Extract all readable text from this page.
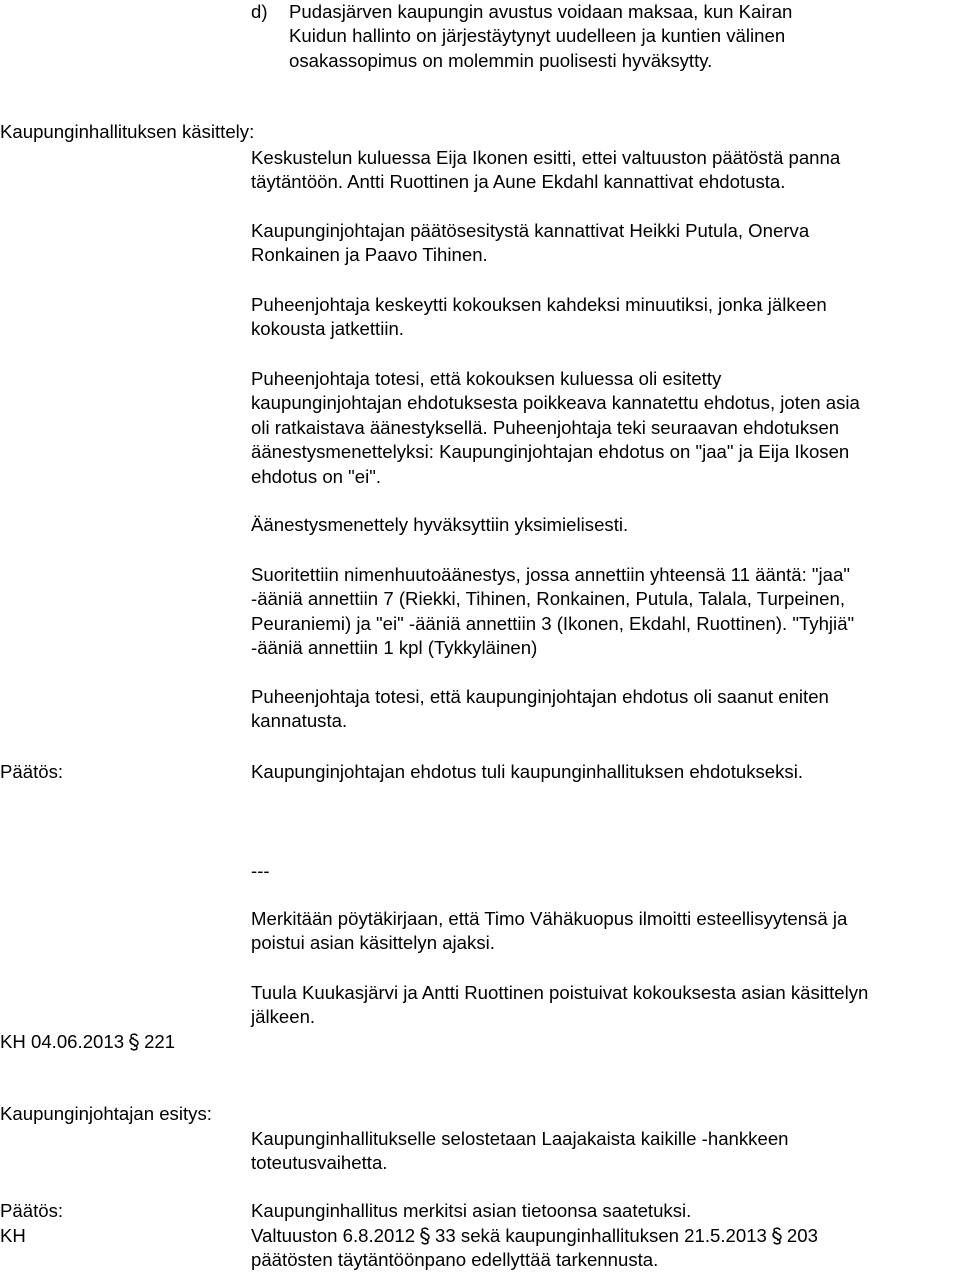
d) Pudasjärven kaupungin avustus voidaan maksaa, kun Kairan
Kuidun hallinto on järjestäytynyt uudelleen ja kuntien välinen
osakassopimus on molemmin puolisesti hyväksytty.
Kaupunginhallituksen käsittely:
Keskustelun kuluessa Eija Ikonen esitti, ettei valtuuston päätöstä panna
täytäntöön. Antti Ruottinen ja Aune Ekdahl kannattivat ehdotusta.
Kaupunginjohtajan päätösesitystä kannattivat Heikki Putula, Onerva
Ronkainen ja Paavo Tihinen.
Puheenjohtaja keskeytti kokouksen kahdeksi minuutiksi, jonka jälkeen
kokousta jatkettiin.
Puheenjohtaja totesi, että kokouksen kuluessa oli esitetty
kaupunginjohtajan ehdotuksesta poikkeava kannatettu ehdotus, joten asia
oli ratkaistava äänestyksellä. Puheenjohtaja teki seuraavan ehdotuksen
äänestysmenettelyksi: Kaupunginjohtajan ehdotus on "jaa" ja Eija Ikosen
ehdotus on "ei".
Äänestysmenettely hyväksyttiin yksimielisesti.
Suoritettiin nimenhuutoäänestys, jossa annettiin yhteensä 11 ääntä: "jaa"
-ääniä annettiin 7 (Riekki, Tihinen, Ronkainen, Putula, Talala, Turpeinen,
Peuraniemi) ja "ei" -ääniä annettiin 3 (Ikonen, Ekdahl, Ruottinen). "Tyhjiä"
-ääniä annettiin 1 kpl (Tykkyläinen)
Puheenjohtaja totesi, että kaupunginjohtajan ehdotus oli saanut eniten
kannatusta.
Päätös:	Kaupunginjohtajan ehdotus tuli kaupunginhallituksen ehdotukseksi.
---
Merkitään pöytäkirjaan, että Timo Vähäkuopus ilmoitti esteellisyytensä ja
poistui asian käsittelyn ajaksi.
Tuula Kuukasjärvi ja Antti Ruottinen poistuivat kokouksesta asian käsittelyn
jälkeen.
KH 04.06.2013 221
Kaupunginjohtajan esitys:
Kaupunginhallitukselle selostetaan Laajakaista kaikille -hankkeen
toteutusvaihetta.
Päätös:	Kaupunginhallitus merkitsi asian tietoonsa saatetuksi.
KH	Valtuuston 6.8.2012 33 sekä kaupunginhallituksen 21.5.2013 203
päätösten täytäntöönpano edellyttää tarkennusta.
